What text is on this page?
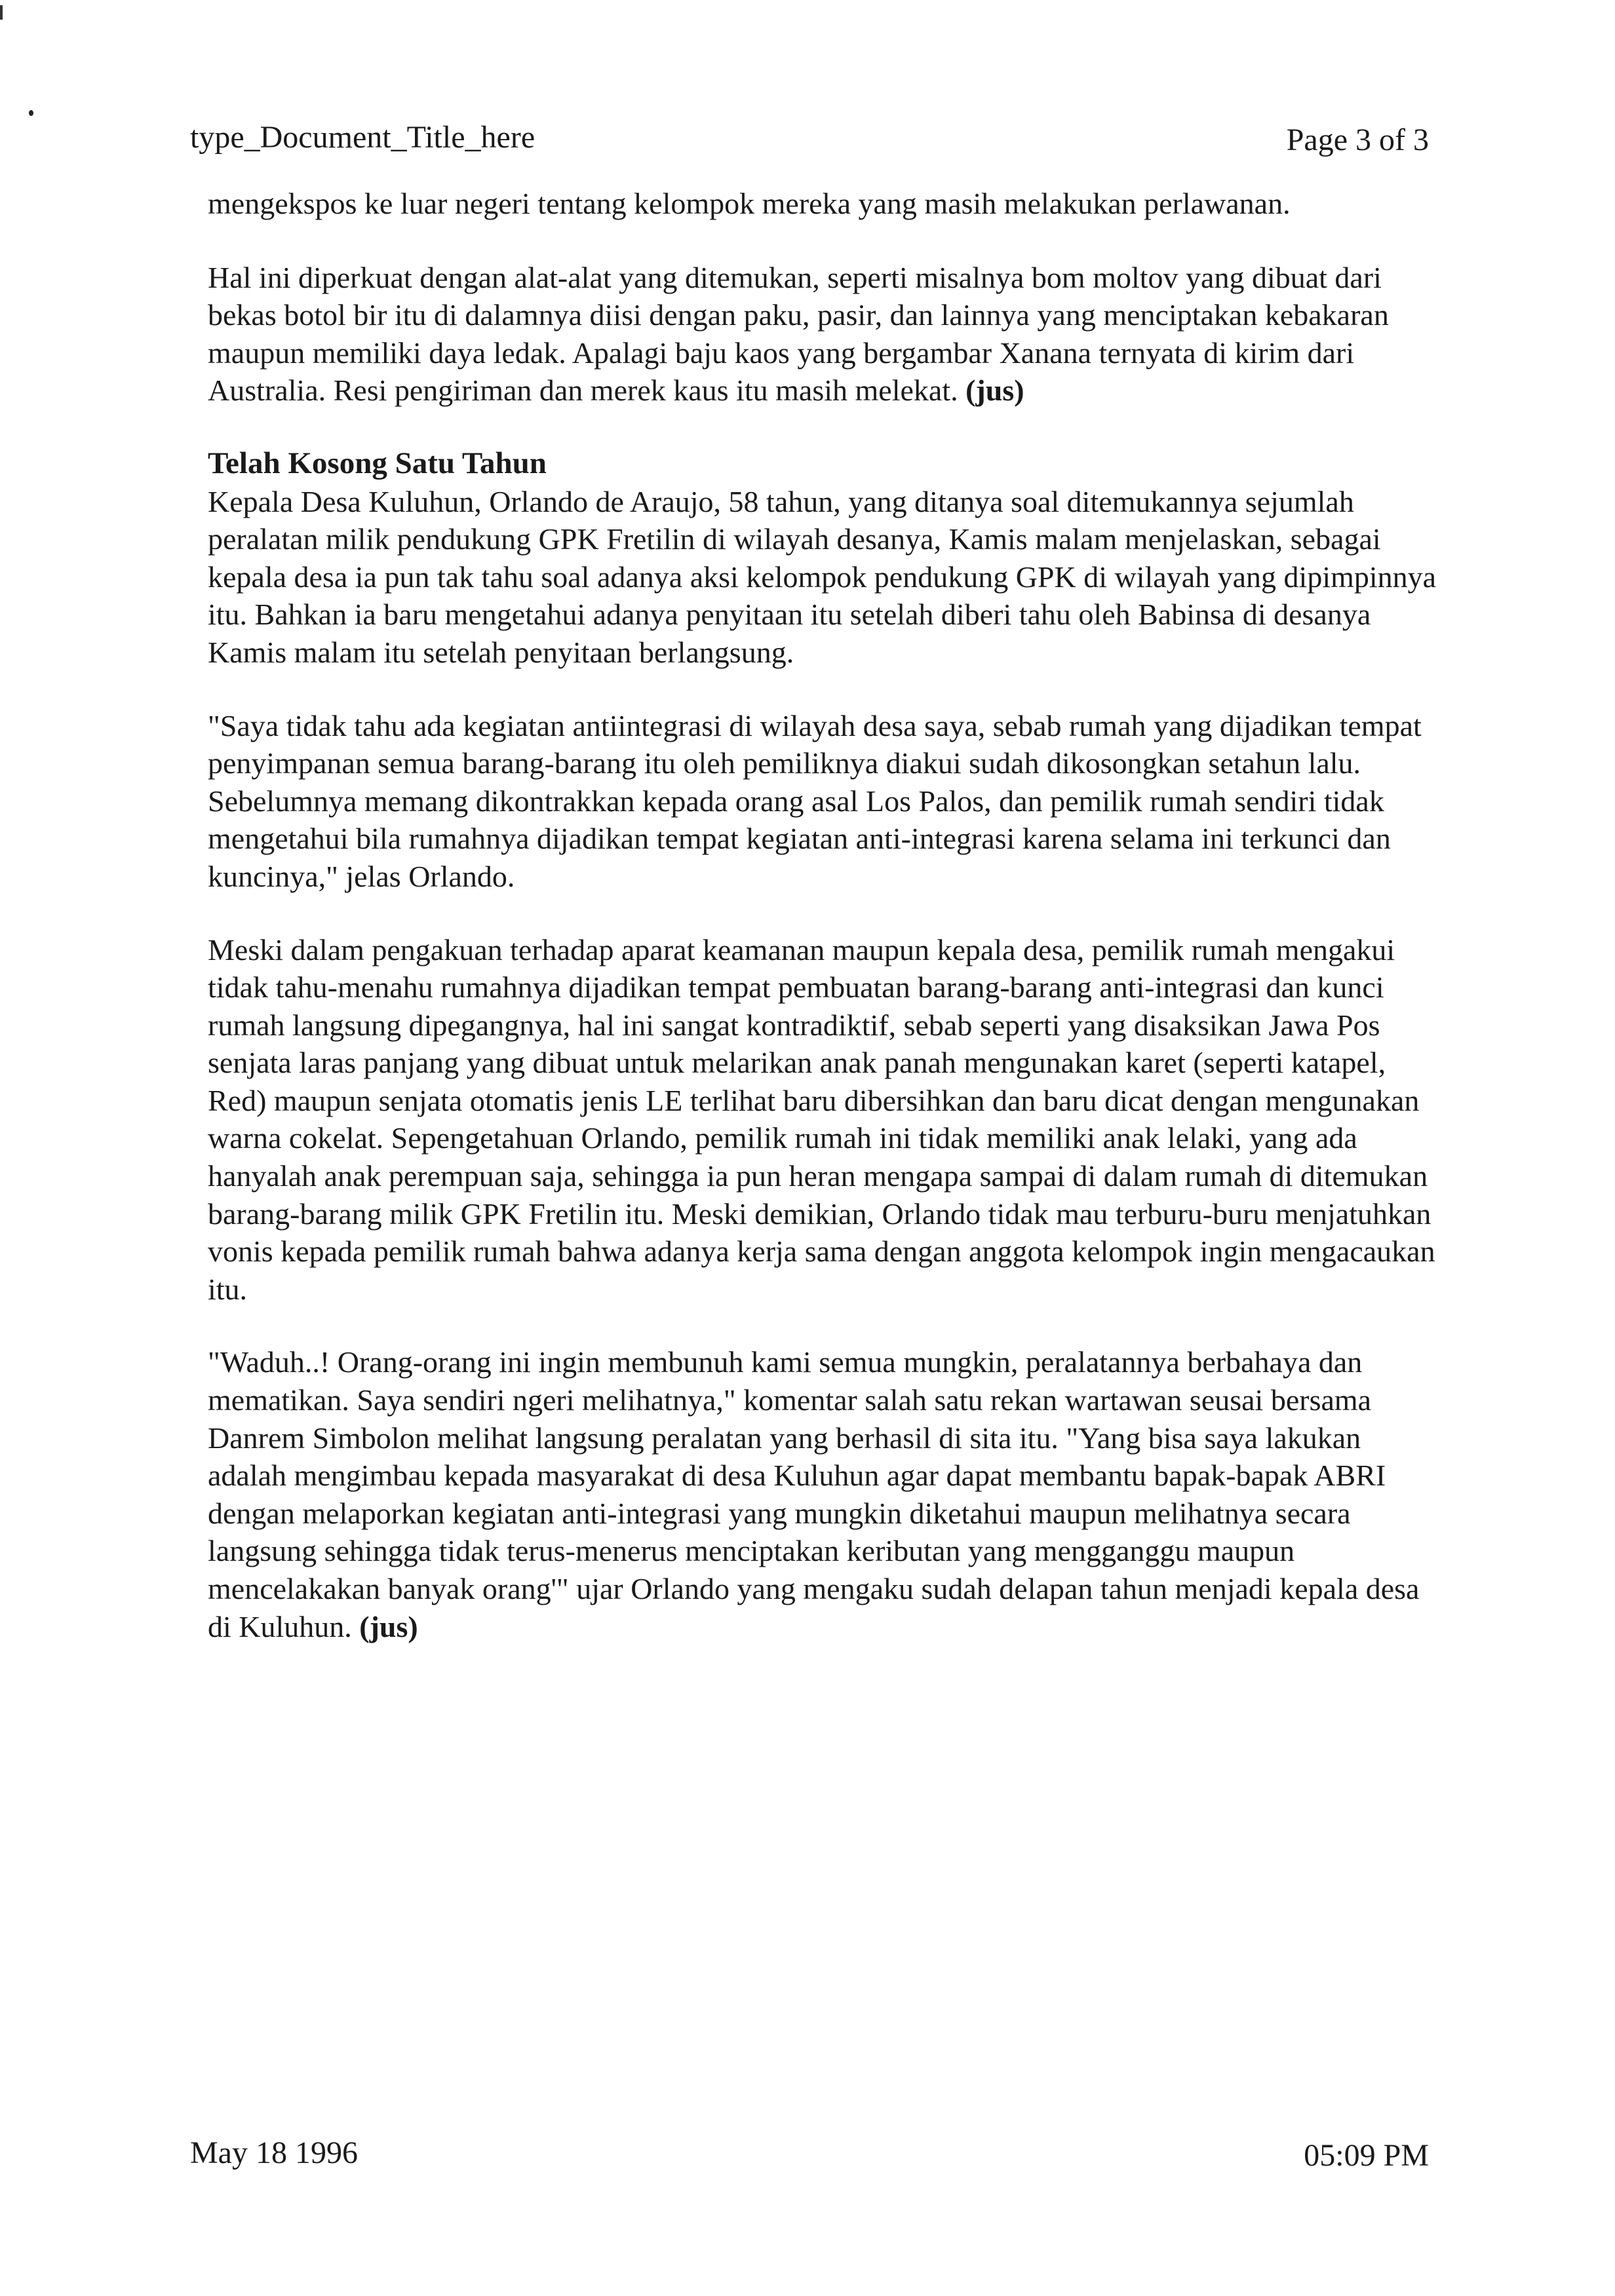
type_Document_Title_here	Page 3 of 3

mengekspos ke luar negeri tentang kelompok mereka yang masih melakukan perlawanan.

Hal ini diperkuat dengan alat-alat yang ditemukan, seperti misalnya bom moltov yang dibuat dari bekas botol bir itu di dalamnya diisi dengan paku, pasir, dan lainnya yang menciptakan kebakaran maupun memiliki daya ledak. Apalagi baju kaos yang bergambar Xanana ternyata di kirim dari Australia. Resi pengiriman dan merek kaus itu masih melekat. (jus)

Telah Kosong Satu Tahun

Kepala Desa Kuluhun, Orlando de Araujo, 58 tahun, yang ditanya soal ditemukannya sejumlah peralatan milik pendukung GPK Fretilin di wilayah desanya, Kamis malam menjelaskan, sebagai kepala desa ia pun tak tahu soal adanya aksi kelompok pendukung GPK di wilayah yang dipimpinnya itu. Bahkan ia baru mengetahui adanya penyitaan itu setelah diberi tahu oleh Babinsa di desanya Kamis malam itu setelah penyitaan berlangsung.

"Saya tidak tahu ada kegiatan antiintegrasi di wilayah desa saya, sebab rumah yang dijadikan tempat penyimpanan semua barang-barang itu oleh pemiliknya diakui sudah dikosongkan setahun lalu. Sebelumnya memang dikontrakkan kepada orang asal Los Palos, dan pemilik rumah sendiri tidak mengetahui bila rumahnya dijadikan tempat kegiatan anti-integrasi karena selama ini terkunci dan kuncinya," jelas Orlando.

Meski dalam pengakuan terhadap aparat keamanan maupun kepala desa, pemilik rumah mengakui tidak tahu-menahu rumahnya dijadikan tempat pembuatan barang-barang anti-integrasi dan kunci rumah langsung dipegangnya, hal ini sangat kontradiktif, sebab seperti yang disaksikan Jawa Pos senjata laras panjang yang dibuat untuk melarikan anak panah mengunakan karet (seperti katapel, Red) maupun senjata otomatis jenis LE terlihat baru dibersihkan dan baru dicat dengan mengunakan warna cokelat. Sepengetahuan Orlando, pemilik rumah ini tidak memiliki anak lelaki, yang ada hanyalah anak perempuan saja, sehingga ia pun heran mengapa sampai di dalam rumah di ditemukan barang-barang milik GPK Fretilin itu. Meski demikian, Orlando tidak mau terburu-buru menjatuhkan vonis kepada pemilik rumah bahwa adanya kerja sama dengan anggota kelompok ingin mengacaukan itu.

"Waduh..! Orang-orang ini ingin membunuh kami semua mungkin, peralatannya berbahaya dan mematikan. Saya sendiri ngeri melihatnya," komentar salah satu rekan wartawan seusai bersama Danrem Simbolon melihat langsung peralatan yang berhasil di sita itu. "Yang bisa saya lakukan adalah mengimbau kepada masyarakat di desa Kuluhun agar dapat membantu bapak-bapak ABRI dengan melaporkan kegiatan anti-integrasi yang mungkin diketahui maupun melihatnya secara langsung sehingga tidak terus-menerus menciptakan keributan yang mengganggu maupun mencelakakan banyak orang'" ujar Orlando yang mengaku sudah delapan tahun menjadi kepala desa di Kuluhun. (jus)

May 18 1996	05:09 PM
